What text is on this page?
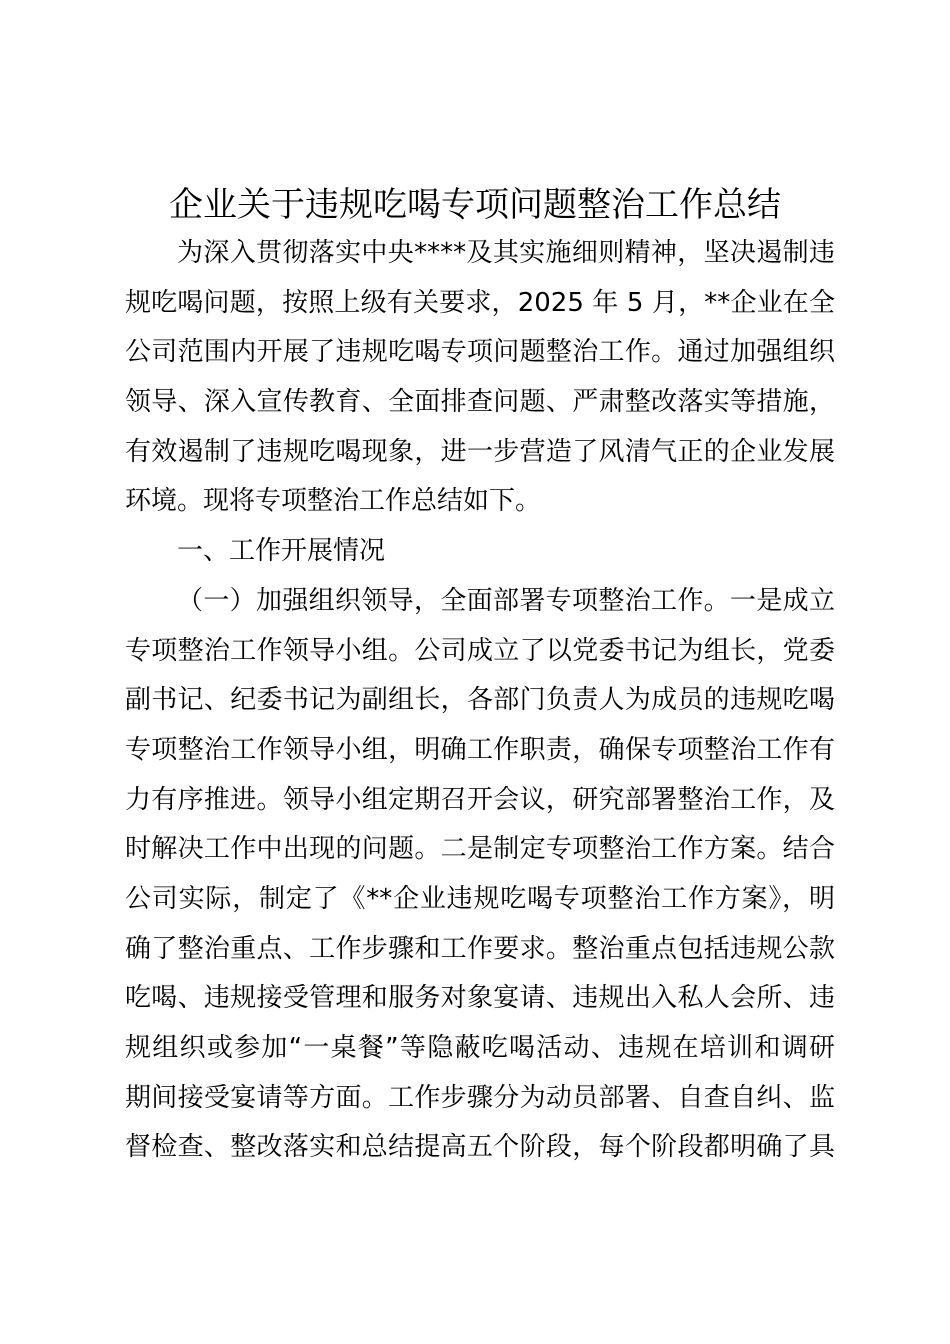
企业关于违规吃喝专项问题整治工作总结
为深入贯彻落实中央****及其实施细则精神，坚决遏制违
规吃喝问题，按照上级有关要求，2025 年 5 月，**企业在全
公司范围内开展了违规吃喝专项问题整治工作。通过加强组织
领导、深入宣传教育、全面排查问题、严肃整改落实等措施，
有效遏制了违规吃喝现象，进一步营造了风清气正的企业发展
环境。现将专项整治工作总结如下。
一、工作开展情况
（一）加强组织领导，全面部署专项整治工作。一是成立
专项整治工作领导小组。公司成立了以党委书记为组长，党委
副书记、纪委书记为副组长，各部门负责人为成员的违规吃喝
专项整治工作领导小组，明确工作职责，确保专项整治工作有
力有序推进。领导小组定期召开会议，研究部署整治工作，及
时解决工作中出现的问题。二是制定专项整治工作方案。结合
公司实际，制定了《**企业违规吃喝专项整治工作方案》，明
确了整治重点、工作步骤和工作要求。整治重点包括违规公款
吃喝、违规接受管理和服务对象宴请、违规出入私人会所、违
规组织或参加“一桌餐”等隐蔽吃喝活动、违规在培训和调研
期间接受宴请等方面。工作步骤分为动员部署、自查自纠、监
督检查、整改落实和总结提高五个阶段，每个阶段都明确了具
